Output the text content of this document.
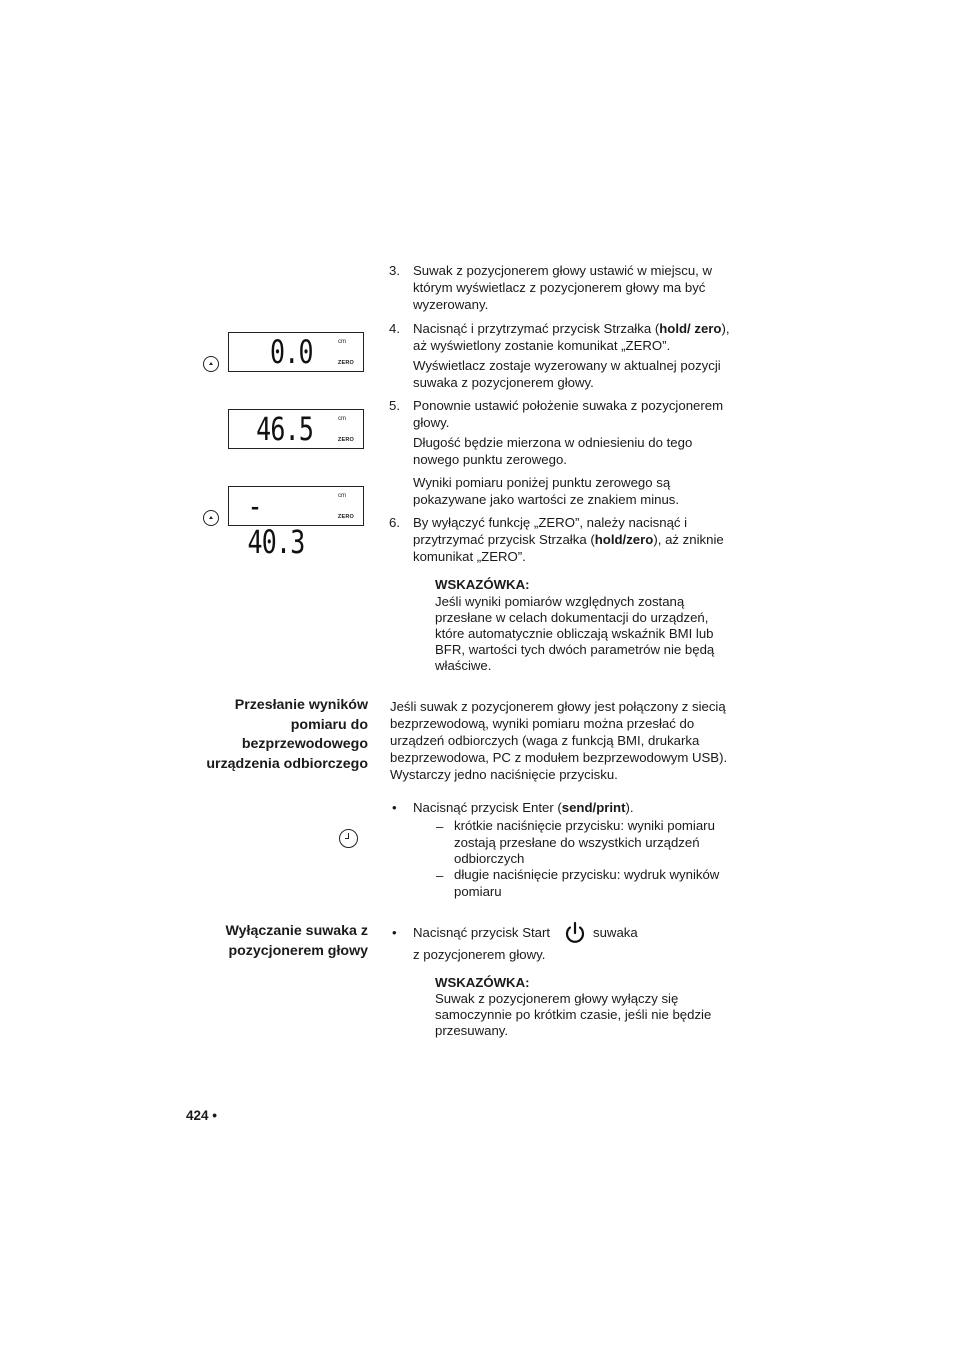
0.0	cm
ZERO
46.5	cm
ZERO
- 40.3
cm
ZERO
3. Suwak z pozycjonerem głowy ustawić w miejscu, w którym wyświetlacz z pozycjonerem głowy ma być wyzerowany.
4. Nacisnąć i przytrzymać przycisk Strzałka (hold/ zero), aż wyświetlony zostanie komunikat „ZERO”.
Wyświetlacz zostaje wyzerowany w aktualnej pozycji suwaka z pozycjonerem głowy.
5. Ponownie ustawić położenie suwaka z pozycjonerem głowy.
Długość będzie mierzona w odniesieniu do tego nowego punktu zerowego.
Wyniki pomiaru poniżej punktu zerowego są pokazywane jako wartości ze znakiem minus.
6. By wyłączyć funkcję „ZERO”, należy nacisnąć i przytrzymać przycisk Strzałka (hold/zero), aż zniknie komunikat „ZERO”.
WSKAZÓWKA:
Jeśli wyniki pomiarów względnych zostaną przesłane w celach dokumentacji do urządzeń, które automatycznie obliczają wskaźnik BMI lub BFR, wartości tych dwóch parametrów nie będą właściwe.
Przesłanie wyników pomiaru do bezprzewodowego urządzenia odbiorczego
Jeśli suwak z pozycjonerem głowy jest połączony z siecią bezprzewodową, wyniki pomiaru można przesłać do urządzeń odbiorczych (waga z funkcją BMI, drukarka bezprzewodowa, PC z modułem bezprzewodowym USB). Wystarczy jedno naciśnięcie przycisku.
• Nacisnąć przycisk Enter (send/print).
– krótkie naciśnięcie przycisku: wyniki pomiaru zostają przesłane do wszystkich urządzeń odbiorczych
– długie naciśnięcie przycisku: wydruk wyników pomiaru
Wyłączanie suwaka z pozycjonerem głowy
• Nacisnąć przycisk Start	suwaka
z pozycjonerem głowy.
WSKAZÓWKA:
Suwak z pozycjonerem głowy wyłączy się samoczynnie po krótkim czasie, jeśli nie będzie przesuwany.
424 •
